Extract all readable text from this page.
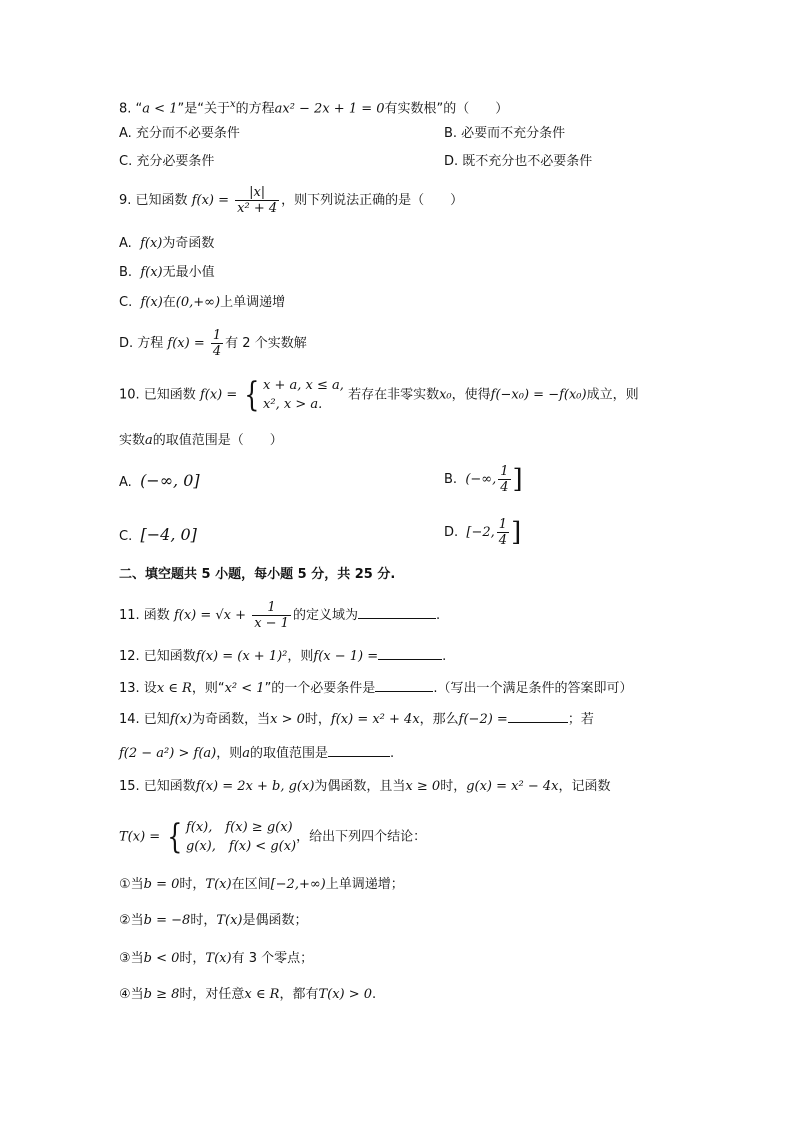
8. “a < 1”是“关于$^x$的方程ax² − 2x + 1 = 0有实数根”的（　　）
A. 充分而不必要条件	B. 必要而不充分条件
C. 充分必要条件	D. 既不充分也不必要条件
9. 已知函数 $f(x) = \frac{|x|}{\text{x² + 4}}$ ，则下列说法正确的是（　　）
A. f(x)为奇函数
B. f(x)无最小值
C. f(x)在(0,+∞)上单调递增
D. 方程 $f(x) = \frac{1}{4}$ 有 2 个实数解
10. 已知函数 f(x) = { x + a, x ≤ a,
x², x > a.
若存在非零实数x₀，使得f(−x₀) = −f(x₀)成立，则
实数a的取值范围是（　　）
A. (−∞, 0]	B. (−∞, $\frac{1}{4}$ ]
C. [−4, 0]	D. [−2, $\frac{1}{4}$ ]
二、填空题共 5 小题，每小题 5 分，共 25 分.
11. 函数 $f(x) = √x + \frac{1}{x - 1}$ 的定义域为	.
12. 已知函数f(x) = (x + 1)²，则f(x − 1) =	.
13. 设x ∈ R，则“x² < 1”的一个必要条件是	.（写出一个满足条件的答案即可）
14. 已知f(x)为奇函数，当x > 0时，f(x) = x² + 4x，那么f(−2) =	；若
f(2 − a²) > f(a)，则a的取值范围是	.
15. 已知函数f(x) = 2x + b, g(x)为偶函数，且当x ≥ 0时，g(x) = x² − 4x，记函数
T(x) = { f(x),　f(x) ≥ g(x)
g(x),　f(x) < g(x)
，给出下列四个结论：
①当b = 0时，T(x)在区间[−2,+∞)上单调递增；
②当b = −8时，T(x)是偶函数；
③当b < 0时，T(x)有 3 个零点；
④当b ≥ 8时，对任意x ∈ R，都有T(x) > 0.
